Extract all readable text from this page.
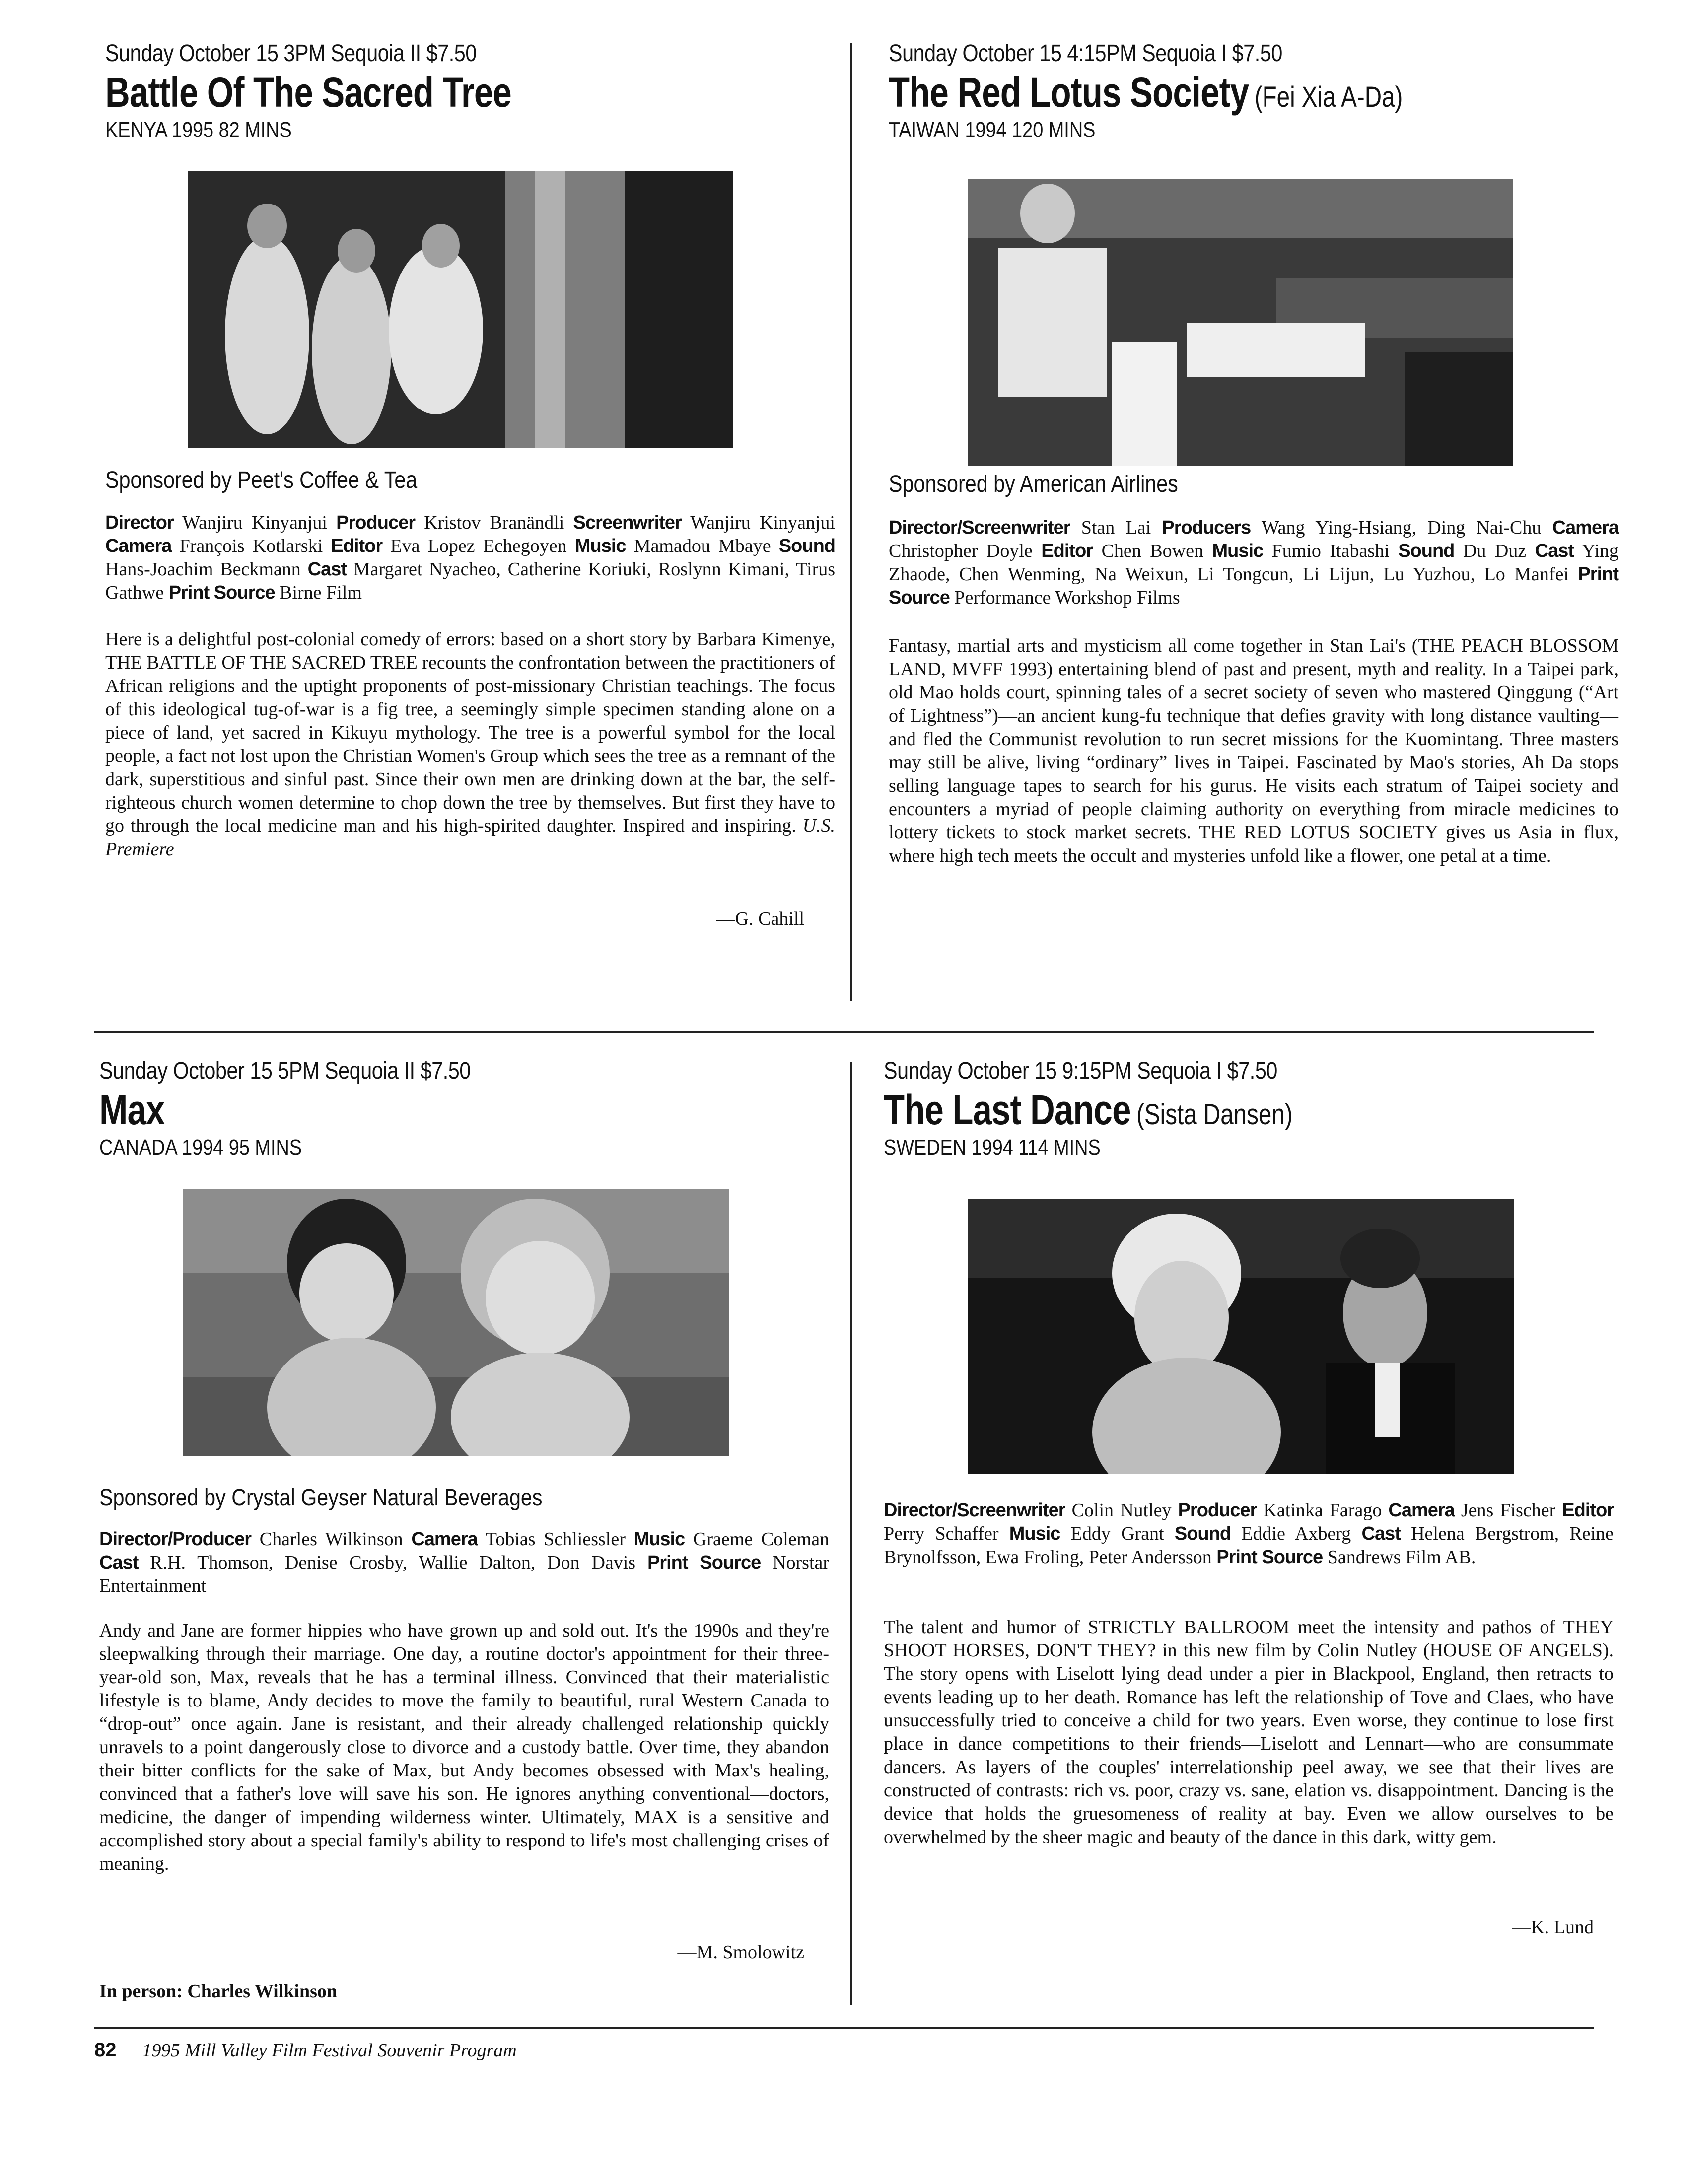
Sunday October 15 3PM Sequoia II $7.50
Battle Of The Sacred Tree
KENYA 1995 82 MINS
Sponsored by Peet's Coffee & Tea
Director Wanjiru Kinyanjui Producer Kristov Branändli Screenwriter Wanjiru Kinyanjui Camera François Kotlarski Editor Eva Lopez Echegoyen Music Mamadou Mbaye Sound Hans-Joachim Beckmann Cast Margaret Nyacheo, Catherine Koriuki, Roslynn Kimani, Tirus Gathwe Print Source Birne Film
Here is a delightful post-colonial comedy of errors: based on a short story by Barbara Kimenye, THE BATTLE OF THE SACRED TREE recounts the confrontation between the practitioners of African religions and the uptight proponents of post-missionary Christian teachings. The focus of this ideological tug-of-war is a fig tree, a seemingly simple specimen standing alone on a piece of land, yet sacred in Kikuyu mythology. The tree is a powerful symbol for the local people, a fact not lost upon the Christian Women's Group which sees the tree as a remnant of the dark, superstitious and sinful past. Since their own men are drinking down at the bar, the self-righteous church women determine to chop down the tree by themselves. But first they have to go through the local medicine man and his high-spirited daughter. Inspired and inspiring. U.S. Premiere
—G. Cahill
Sunday October 15 4:15PM Sequoia I $7.50
The Red Lotus Society (Fei Xia A-Da)
TAIWAN 1994 120 MINS
Sponsored by American Airlines
Director/Screenwriter Stan Lai Producers Wang Ying-Hsiang, Ding Nai-Chu Camera Christopher Doyle Editor Chen Bowen Music Fumio Itabashi Sound Du Duz Cast Ying Zhaode, Chen Wenming, Na Weixun, Li Tongcun, Li Lijun, Lu Yuzhou, Lo Manfei Print Source Performance Workshop Films
Fantasy, martial arts and mysticism all come together in Stan Lai's (THE PEACH BLOSSOM LAND, MVFF 1993) entertaining blend of past and present, myth and reality. In a Taipei park, old Mao holds court, spinning tales of a secret society of seven who mastered Qinggung (“Art of Lightness”)—an ancient kung-fu technique that defies gravity with long distance vaulting—and fled the Communist revolution to run secret missions for the Kuomintang. Three masters may still be alive, living “ordinary” lives in Taipei. Fascinated by Mao's stories, Ah Da stops selling language tapes to search for his gurus. He visits each stratum of Taipei society and encounters a myriad of people claiming authority on everything from miracle medicines to lottery tickets to stock market secrets. THE RED LOTUS SOCIETY gives us Asia in flux, where high tech meets the occult and mysteries unfold like a flower, one petal at a time.
Sunday October 15 5PM Sequoia II $7.50
Max
CANADA 1994 95 MINS
Sponsored by Crystal Geyser Natural Beverages
Director/Producer Charles Wilkinson Camera Tobias Schliessler Music Graeme Coleman Cast R.H. Thomson, Denise Crosby, Wallie Dalton, Don Davis Print Source Norstar Entertainment
Andy and Jane are former hippies who have grown up and sold out. It's the 1990s and they're sleepwalking through their marriage. One day, a routine doctor's appointment for their three-year-old son, Max, reveals that he has a terminal illness. Convinced that their materialistic lifestyle is to blame, Andy decides to move the family to beautiful, rural Western Canada to “drop-out” once again. Jane is resistant, and their already challenged relationship quickly unravels to a point dangerously close to divorce and a custody battle. Over time, they abandon their bitter conflicts for the sake of Max, but Andy becomes obsessed with Max's healing, convinced that a father's love will save his son. He ignores anything conventional—doctors, medicine, the danger of impending wilderness winter. Ultimately, MAX is a sensitive and accomplished story about a special family's ability to respond to life's most challenging crises of meaning.
—M. Smolowitz
In person: Charles Wilkinson
Sunday October 15 9:15PM Sequoia I $7.50
The Last Dance (Sista Dansen)
SWEDEN 1994 114 MINS
Director/Screenwriter Colin Nutley Producer Katinka Farago Camera Jens Fischer Editor Perry Schaffer Music Eddy Grant Sound Eddie Axberg Cast Helena Bergstrom, Reine Brynolfsson, Ewa Froling, Peter Andersson Print Source Sandrews Film AB.
The talent and humor of STRICTLY BALLROOM meet the intensity and pathos of THEY SHOOT HORSES, DON'T THEY? in this new film by Colin Nutley (HOUSE OF ANGELS). The story opens with Liselott lying dead under a pier in Blackpool, England, then retracts to events leading up to her death. Romance has left the relationship of Tove and Claes, who have unsuccessfully tried to conceive a child for two years. Even worse, they continue to lose first place in dance competitions to their friends—Liselott and Lennart—who are consummate dancers. As layers of the couples' interrelationship peel away, we see that their lives are constructed of contrasts: rich vs. poor, crazy vs. sane, elation vs. disappointment. Dancing is the device that holds the gruesomeness of reality at bay. Even we allow ourselves to be overwhelmed by the sheer magic and beauty of the dance in this dark, witty gem.
—K. Lund
82 1995 Mill Valley Film Festival Souvenir Program
